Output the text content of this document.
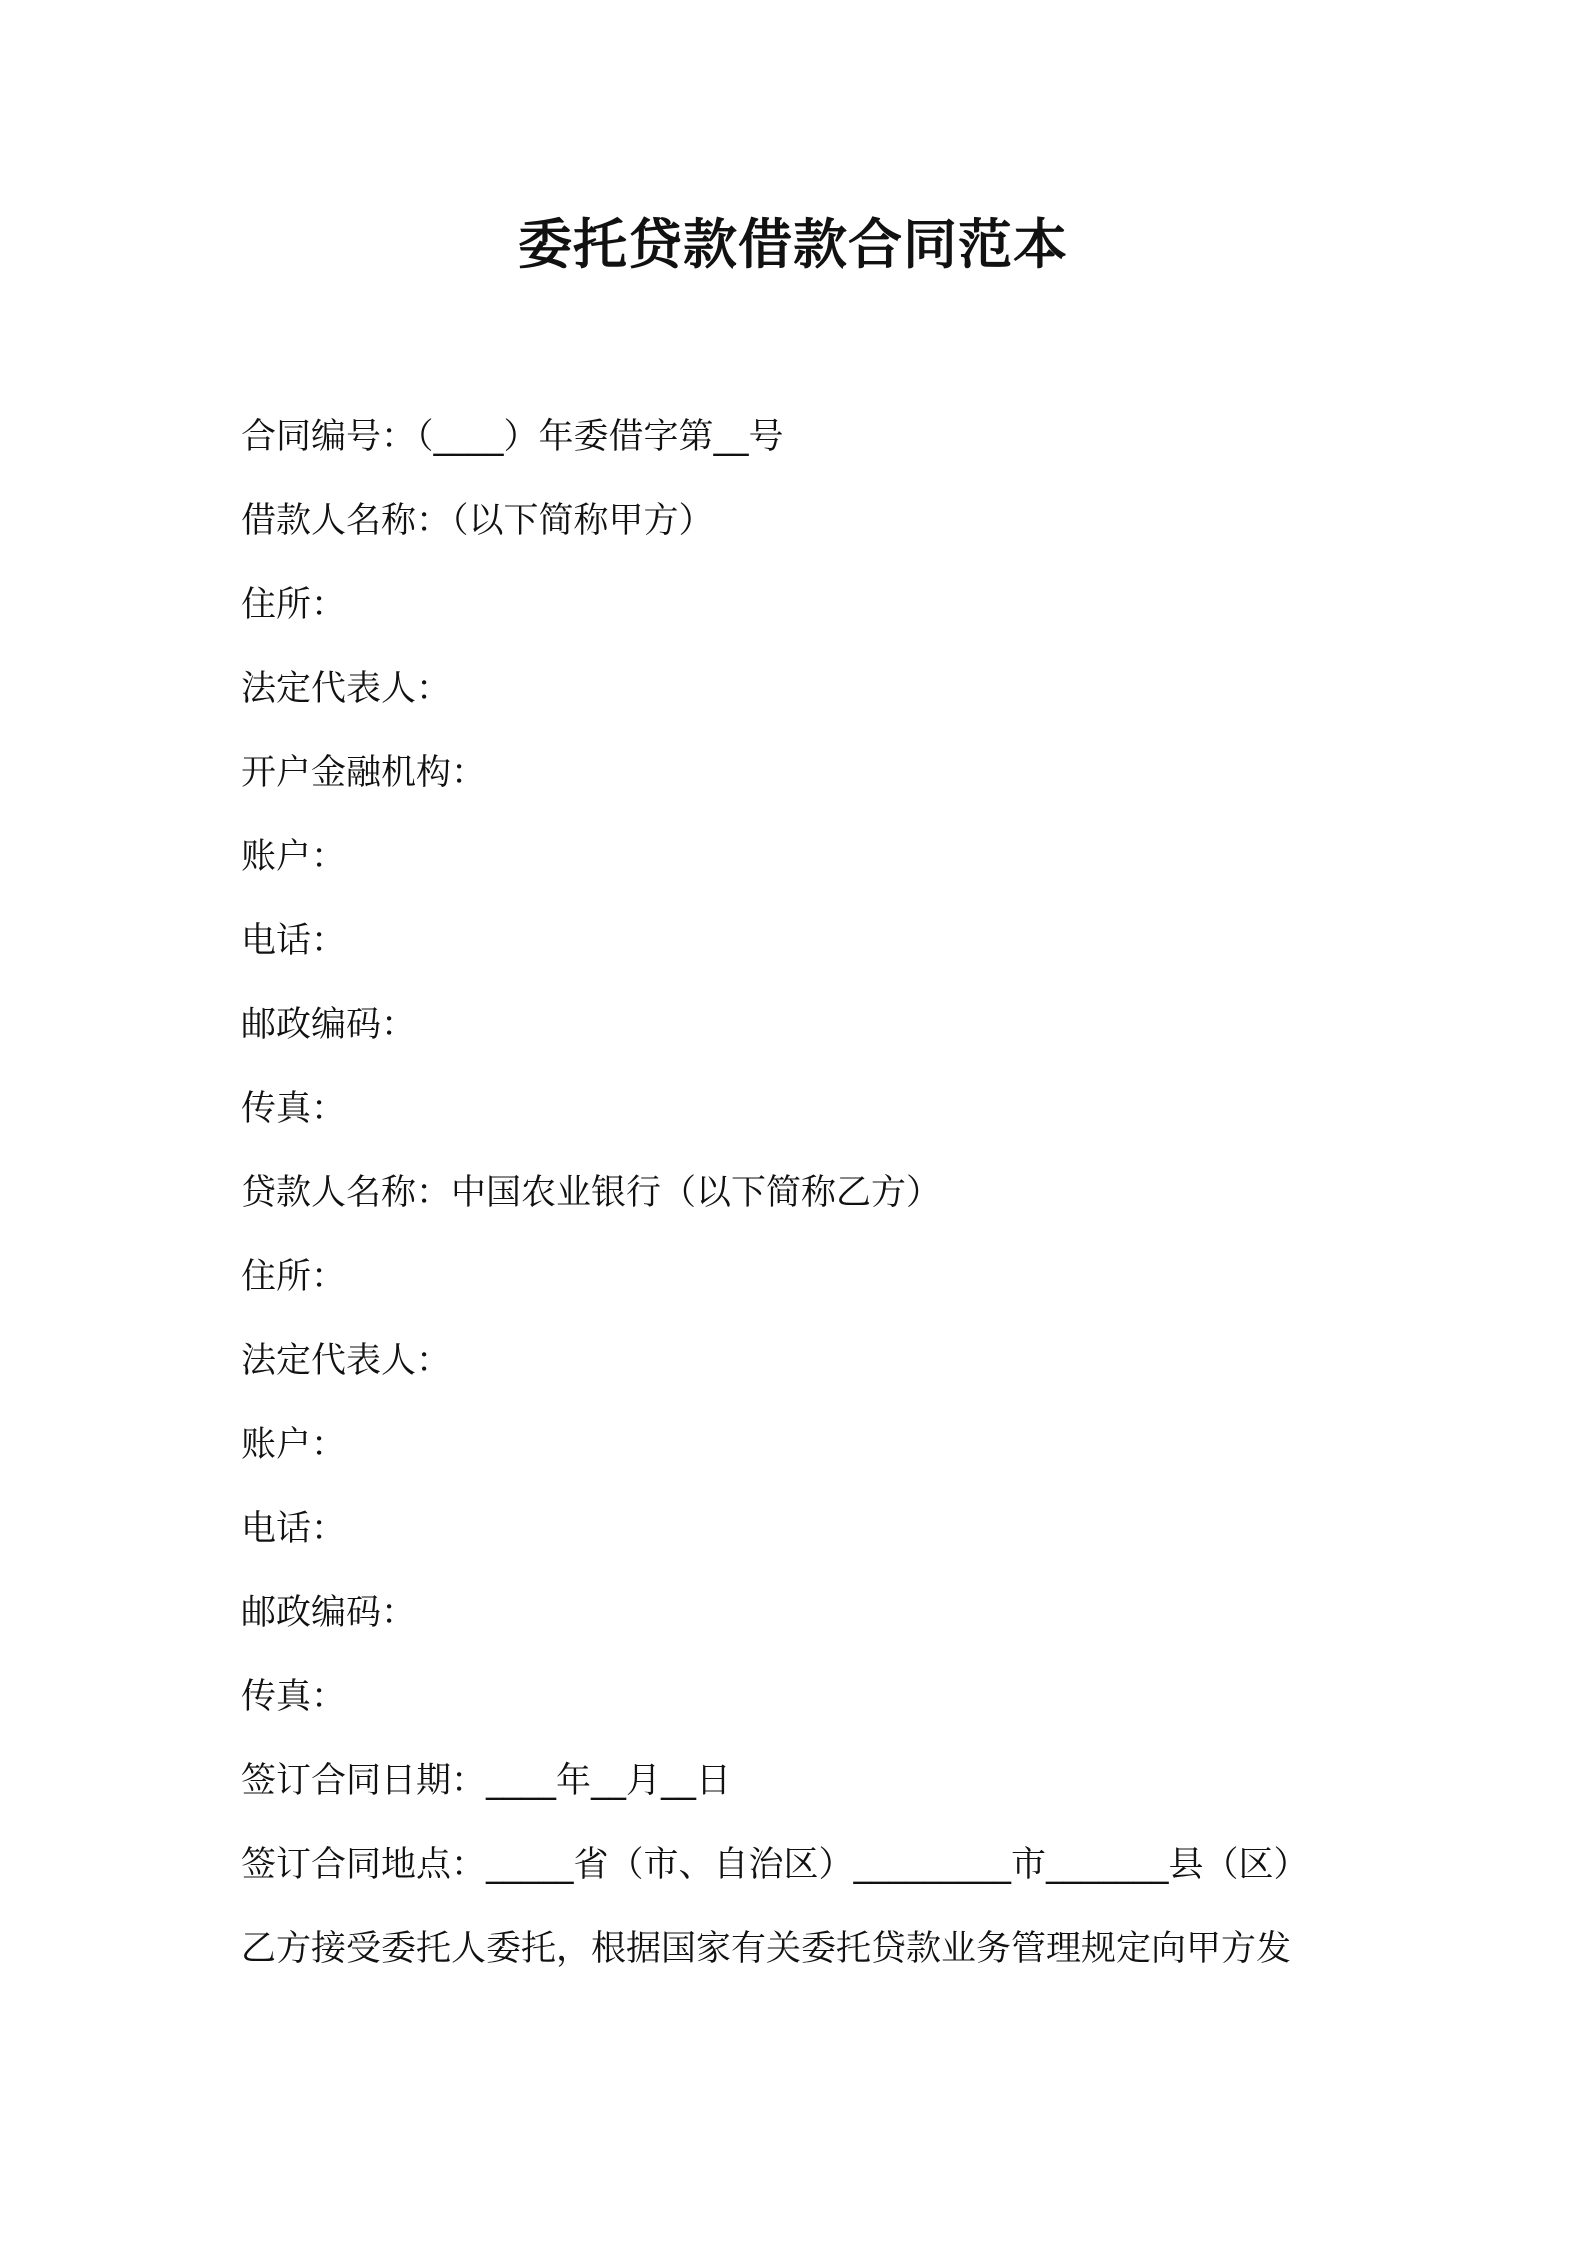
委托贷款借款合同范本
合同编号：（____）年委借字第__号
借款人名称：（以下简称甲方）
住所：
法定代表人：
开户金融机构：
账户：
电话：
邮政编码：
传真：
贷款人名称：中国农业银行（以下简称乙方）
住所：
法定代表人：
账户：
电话：
邮政编码：
传真：
签订合同日期：____年__月__日
签订合同地点：_____省（市、自治区）_________市_______县（区）
乙方接受委托人委托，根据国家有关委托贷款业务管理规定向甲方发
